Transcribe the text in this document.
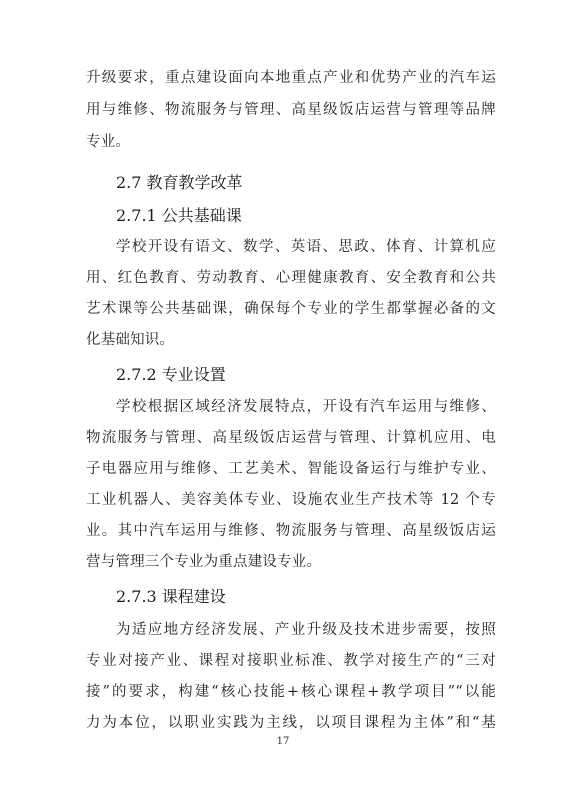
升级要求，重点建设面向本地重点产业和优势产业的汽车运
用与维修、物流服务与管理、高星级饭店运营与管理等品牌
专业。
2.7 教育教学改革
2.7.1 公共基础课
学校开设有语文、数学、英语、思政、体育、计算机应
用、红色教育、劳动教育、心理健康教育、安全教育和公共
艺术课等公共基础课，确保每个专业的学生都掌握必备的文
化基础知识。
2.7.2 专业设置
学校根据区域经济发展特点，开设有汽车运用与维修、
物流服务与管理、高星级饭店运营与管理、计算机应用、电
子电器应用与维修、工艺美术、智能设备运行与维护专业、
工业机器人、美容美体专业、设施农业生产技术等 12 个专
业。其中汽车运用与维修、物流服务与管理、高星级饭店运
营与管理三个专业为重点建设专业。
2.7.3 课程建设
为适应地方经济发展、产业升级及技术进步需要，按照
专业对接产业、课程对接职业标准、教学对接生产的“三对
接”的要求，构建“核心技能+核心课程+教学项目”“以能
力为本位，以职业实践为主线，以项目课程为主体”和“基
17
